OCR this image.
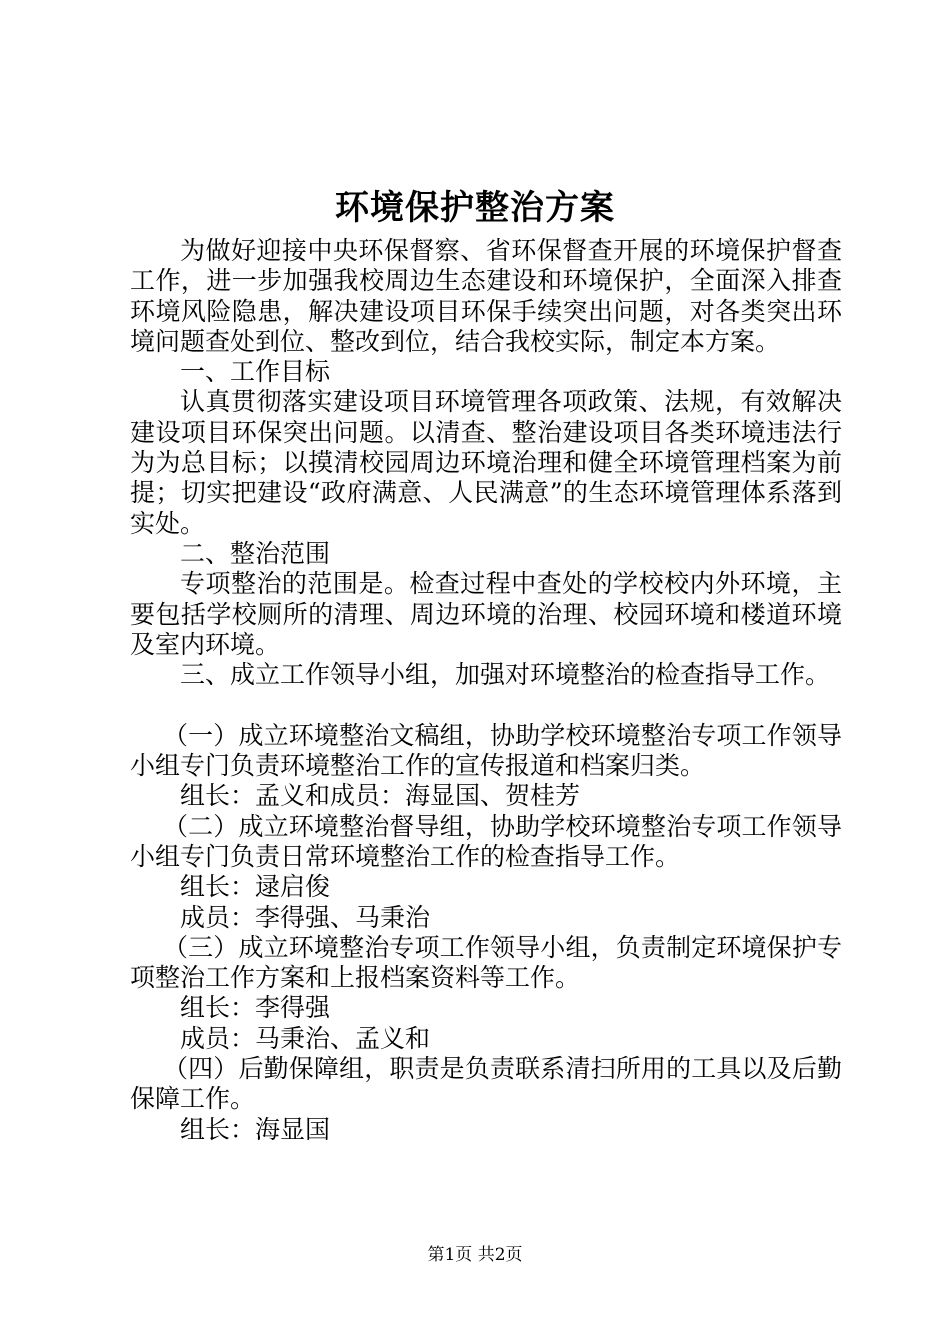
环境保护整治方案

为做好迎接中央环保督察、省环保督查开展的环境保护督查工作，进一步加强我校周边生态建设和环境保护，全面深入排查环境风险隐患，解决建设项目环保手续突出问题，对各类突出环境问题查处到位、整改到位，结合我校实际，制定本方案。

一、工作目标

认真贯彻落实建设项目环境管理各项政策、法规，有效解决建设项目环保突出问题。以清查、整治建设项目各类环境违法行为为总目标；以摸清校园周边环境治理和健全环境管理档案为前提；切实把建设“政府满意、人民满意”的生态环境管理体系落到实处。

二、整治范围

专项整治的范围是。检查过程中查处的学校校内外环境，主要包括学校厕所的清理、周边环境的治理、校园环境和楼道环境及室内环境。

三、成立工作领导小组，加强对环境整治的检查指导工作。

（一）成立环境整治文稿组，协助学校环境整治专项工作领导小组专门负责环境整治工作的宣传报道和档案归类。

组长：孟义和成员：海显国、贺桂芳

（二）成立环境整治督导组，协助学校环境整治专项工作领导小组专门负责日常环境整治工作的检查指导工作。

组长：逯启俊

成员：李得强、马秉治

（三）成立环境整治专项工作领导小组，负责制定环境保护专项整治工作方案和上报档案资料等工作。

组长：李得强

成员：马秉治、孟义和

（四）后勤保障组，职责是负责联系清扫所用的工具以及后勤保障工作。

组长：海显国

第1页 共2页
